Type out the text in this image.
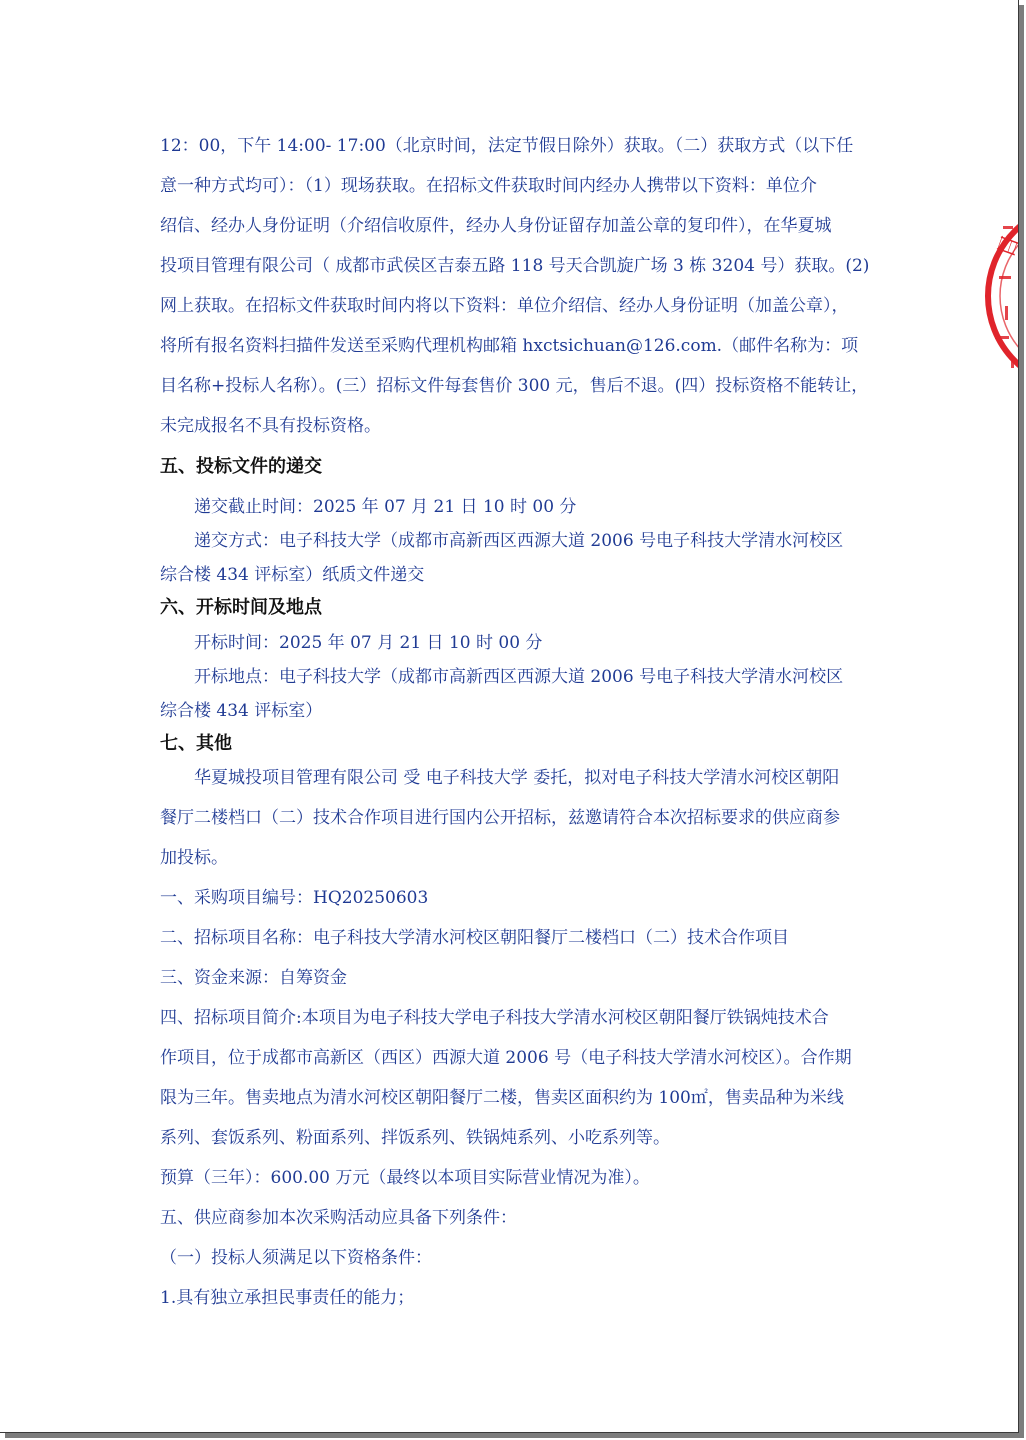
12：00，下午 14:00- 17:00（北京时间，法定节假日除外）获取。（二）获取方式（以下任
意一种方式均可）：（1）现场获取。在招标文件获取时间内经办人携带以下资料：单位介
绍信、经办人身份证明（介绍信收原件，经办人身份证留存加盖公章的复印件），在华夏城
投项目管理有限公司（ 成都市武侯区吉泰五路 118 号天合凯旋广场 3 栋 3204 号）获取。(2)
网上获取。在招标文件获取时间内将以下资料：单位介绍信、经办人身份证明（加盖公章），
将所有报名资料扫描件发送至采购代理机构邮箱 hxctsichuan@126.com.（邮件名称为：项
目名称+投标人名称）。(三）招标文件每套售价 300 元，售后不退。(四）投标资格不能转让，
未完成报名不具有投标资格。
五、投标文件的递交
递交截止时间：2025 年 07 月 21 日 10 时 00 分
递交方式：电子科技大学（成都市高新西区西源大道 2006 号电子科技大学清水河校区
综合楼 434 评标室）纸质文件递交
六、开标时间及地点
开标时间：2025 年 07 月 21 日 10 时 00 分
开标地点：电子科技大学（成都市高新西区西源大道 2006 号电子科技大学清水河校区
综合楼 434 评标室）
七、其他
华夏城投项目管理有限公司 受 电子科技大学 委托，拟对电子科技大学清水河校区朝阳
餐厅二楼档口（二）技术合作项目进行国内公开招标，兹邀请符合本次招标要求的供应商参
加投标。
一、采购项目编号：HQ20250603
二、招标项目名称：电子科技大学清水河校区朝阳餐厅二楼档口（二）技术合作项目
三、资金来源：自筹资金
四、招标项目简介:本项目为电子科技大学电子科技大学清水河校区朝阳餐厅铁锅炖技术合
作项目，位于成都市高新区（西区）西源大道 2006 号（电子科技大学清水河校区）。合作期
限为三年。售卖地点为清水河校区朝阳餐厅二楼，售卖区面积约为 100㎡，售卖品种为米线
系列、套饭系列、粉面系列、拌饭系列、铁锅炖系列、小吃系列等。
预算（三年）：600.00 万元（最终以本项目实际营业情况为准）。
五、供应商参加本次采购活动应具备下列条件：
（一）投标人须满足以下资格条件：
1.具有独立承担民事责任的能力；
目
